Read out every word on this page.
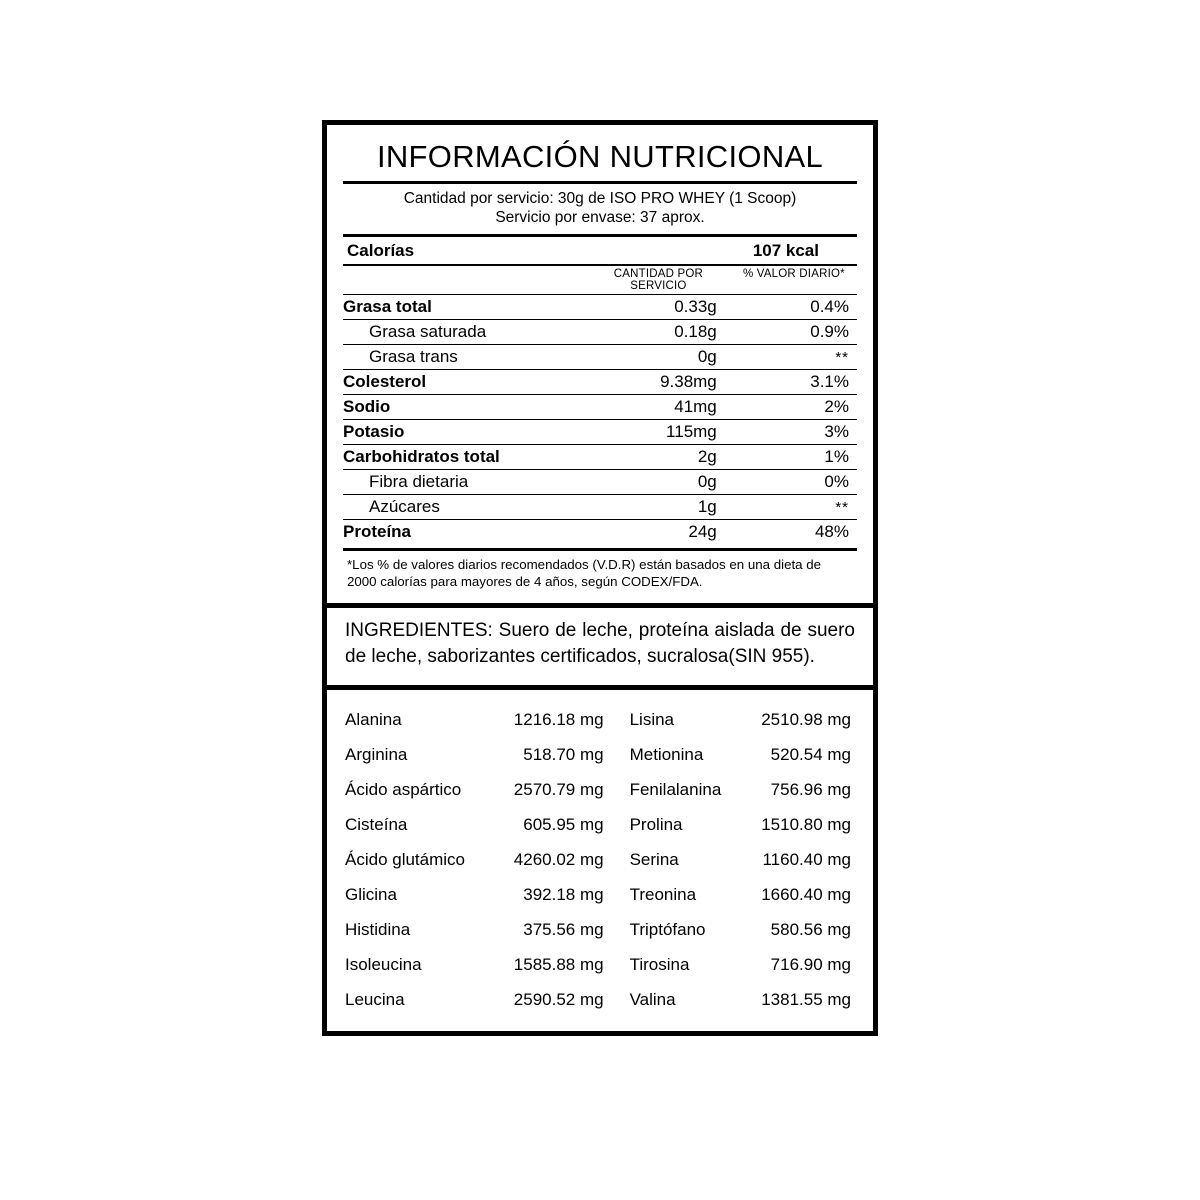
INFORMACIÓN NUTRICIONAL
Cantidad por servicio: 30g de ISO PRO WHEY (1 Scoop)
Servicio por envase: 37 aprox.
Calorías	107 kcal
	CANTIDAD POR SERVICIO	% VALOR DIARIO*
Grasa total	0.33g	0.4%
Grasa saturada	0.18g	0.9%
Grasa trans	0g	**
Colesterol	9.38mg	3.1%
Sodio	41mg	2%
Potasio	115mg	3%
Carbohidratos total	2g	1%
Fibra dietaria	0g	0%
Azúcares	1g	**
Proteína	24g	48%
*Los % de valores diarios recomendados (V.D.R) están basados en una dieta de 2000 calorías para mayores de 4 años, según CODEX/FDA.
INGREDIENTES: Suero de leche, proteína aislada de suero de leche, saborizantes certificados, sucralosa(SIN 955).
Alanina	1216.18 mg	Lisina	2510.98 mg
Arginina	518.70 mg	Metionina	520.54 mg
Ácido aspártico	2570.79 mg	Fenilalanina	756.96 mg
Cisteína	605.95 mg	Prolina	1510.80 mg
Ácido glutámico	4260.02 mg	Serina	1160.40 mg
Glicina	392.18 mg	Treonina	1660.40 mg
Histidina	375.56 mg	Triptófano	580.56 mg
Isoleucina	1585.88 mg	Tirosina	716.90 mg
Leucina	2590.52 mg	Valina	1381.55 mg
